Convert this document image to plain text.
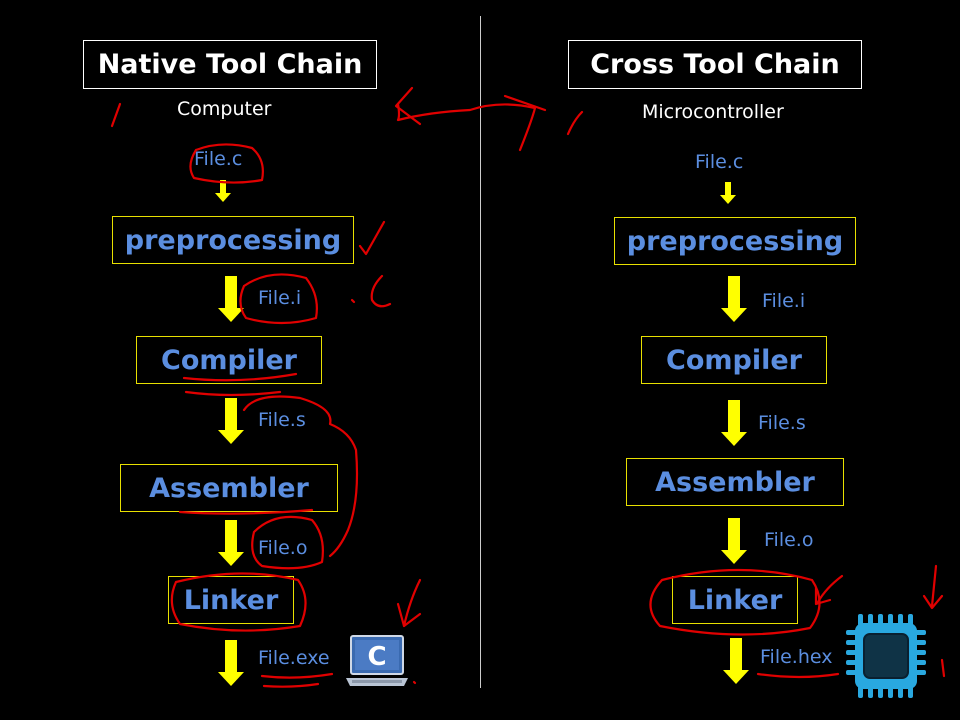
Native Tool Chain
Computer
File.c
preprocessing
File.i
Compiler
File.s
Assembler
File.o
Linker
File.exe
Cross Tool Chain
Microcontroller
File.c
preprocessing
File.i
Compiler
File.s
Assembler
File.o
Linker
File.hex
C
